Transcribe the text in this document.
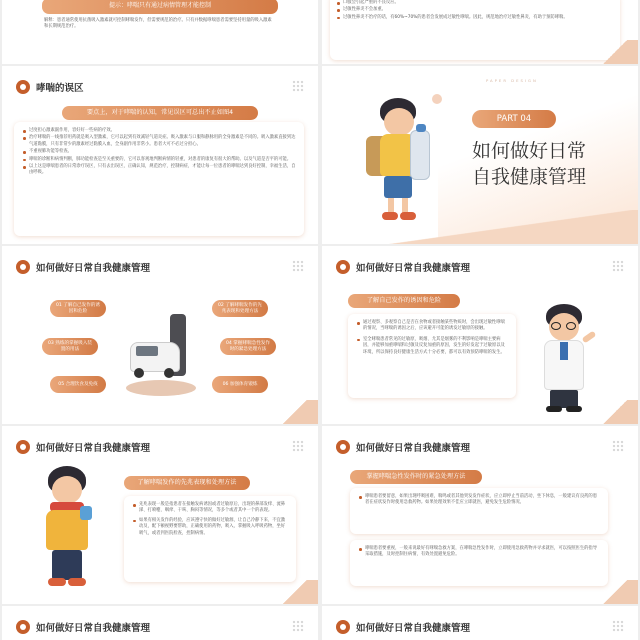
提示：哮喘只有通过病情管理才能控制
解释：患者通常使用抗菌吸入激素就可控制哮喘发作，但需要规范的治疗。只有并数据哮喘患者需要坚持用量的吸入激素和长期规范治疗。
口服会引起严重的不良反应。
过敏性鼻炎不会加重。
过敏性鼻炎不治疗的话，有60%~70%的患者会发展成过敏性哮喘。因此，规范地治疗过敏性鼻炎，有助于预防哮喘。
哮喘的误区
要点上，对于哮喘的认知，常见误区可总出不止如图4
过度担心激素副作用，容好好一些病的疗效。
治疗哮喘的一线推荐用药就是吸入型激素，它可以起到有效减轻气道炎症。吸入激素与口服和静脉用的全身激素是不同的。吸入激素直接到达气道黏膜，只有非常少的激素经过黏膜入血，全身副作用非常小。患者大可不必过分担心。
不重视肺功能等检查。
哮喘的诊断和病情判断，肺功能检查是至关重要的，它可以客观地判断病情的轻重，对患者的康复有很大的帮助。以及气道是否平的可能。
以上这是哮喘患者的日常诊疗误区，只有去出误区，正确认知，规范治疗，控制病症，才能让每一位患者的哮喘达到良好控制，幸福生活，自由呼吸。
PAPER DESIGN
PART 04
如何做好日常
自我健康管理
如何做好日常自我健康管理
01 了解自己发作的诱因和危险
02 了解哮喘发作的先兆表现和处理方法
03 熟练的掌握吸入装置的用法
04 掌握哮喘急性发作时的紧急处理方法
05 合理饮食及免疫	06 加强体育锻炼
如何做好日常自我健康管理
了解自己发作的诱因和危险
通过观察、多观察自己是否在食物或者接触某些物质时，会出现过敏性哮喘的情况，当哮喘的诱因之后，应该避开可能的诱发过敏原的接触。
室全哮喘患者常见的过敏原，吸烟、尤其是烟雾的不利影响是哮喘主要病因，并能够加重哮喘和过敏及反复加重的原因，发生的好发起于过敏原以及环境，所以保持良好健康生活方式十分必要，都可以有效预防哮喘的发生。
如何做好日常自我健康管理
了解哮喘发作的先兆表现和处理方法
先兆表现一般是指患者在接触发病诱因或者过敏原后，出现的鼻部发痒、流鼻涕、打喷嚏、咽痒、干咳、胸闷等情况，等多个或者其中一个的表现。
如果有相关发作的经验，应该遵守快的做好过敏源，让自己冷静下来，不宜激动及，配下额视野要帮助，正确使用的药物，吸入，掌握吸入呼吸药物，坐好吸气，或者到医院检查，控制病情。
如何做好日常自我健康管理
掌握哮喘急性发作时的紧急处理方法
哮喘患者要留意，如果出现呼吸困难，喘鸣或者其他突发发作症状，应立即停止当前活动，坐下休息，一般建议有良药的患者在症状发作时使用急救药物。如果处理效果不佳应立即就医，避免发生危险情况。
哮喘患者要重视，一般来说最好有哮喘急救方案，在哮喘急性发作时，立即使用急救药物并寻求就医，可以按照医生的指导采取措施，及时控制住病情，有效处置避免危险。
如何做好日常自我健康管理	如何做好日常自我健康管理
